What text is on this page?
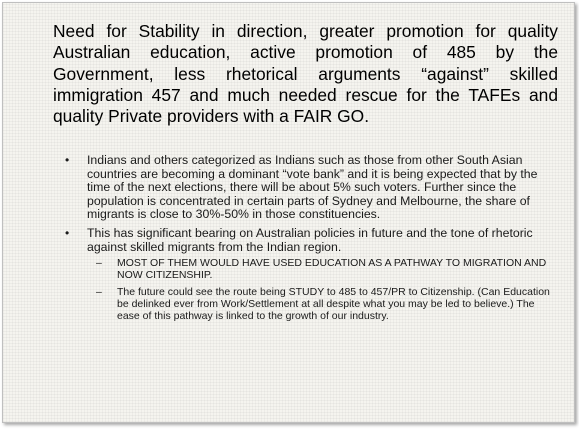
Need for Stability in direction, greater promotion for quality Australian education, active promotion of 485 by the Government, less rhetorical arguments “against” skilled immigration 457 and much needed rescue for the TAFEs and quality Private providers with a FAIR GO.
• Indians and others categorized as Indians such as those from other South Asian countries are becoming a dominant “vote bank” and it is being expected that by the time of the next elections, there will be about 5% such voters. Further since the population is concentrated in certain parts of Sydney and Melbourne, the share of migrants is close to 30%-50% in those constituencies.
• This has significant bearing on Australian policies in future and the tone of rhetoric against skilled migrants from the Indian region.
– MOST OF THEM WOULD HAVE USED EDUCATION AS A PATHWAY TO MIGRATION AND NOW CITIZENSHIP.
– The future could see the route being STUDY to 485 to 457/PR to Citizenship. (Can Education be delinked ever from Work/Settlement at all despite what you may be led to believe.) The ease of this pathway is linked to the growth of our industry.
